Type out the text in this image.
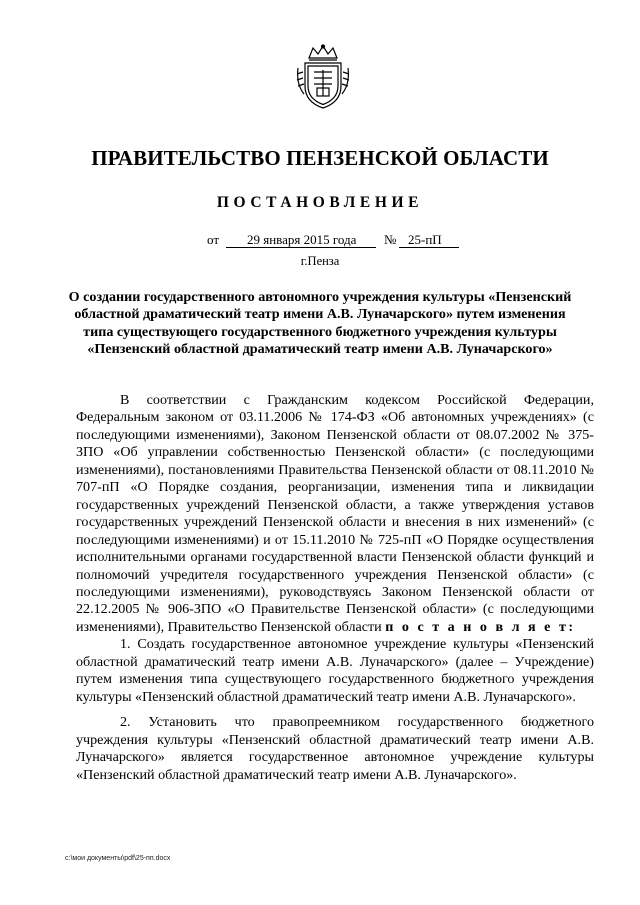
ПРАВИТЕЛЬСТВО ПЕНЗЕНСКОЙ ОБЛАСТИ
ПОСТАНОВЛЕНИЕ
от 29 января 2015 года № 25-пП
г.Пенза
О создании государственного автономного учреждения культуры «Пензенский областной драматический театр имени А.В. Луначарского» путем изменения типа существующего государственного бюджетного учреждения культуры «Пензенский областной драматический театр имени А.В. Луначарского»

В соответствии с Гражданским кодексом Российской Федерации, Федеральным законом от 03.11.2006 № 174-ФЗ «Об автономных учреждениях» (с последующими изменениями), Законом Пензенской области от 08.07.2002 № 375-ЗПО «Об управлении собственностью Пензенской области» (с последующими изменениями), постановлениями Правительства Пензенской области от 08.11.2010 № 707-пП «О Порядке создания, реорганизации, изменения типа и ликвидации государственных учреждений Пензенской области, а также утверждения уставов государственных учреждений Пензенской области и внесения в них изменений» (с последующими изменениями) и от 15.11.2010 № 725-пП «О Порядке осуществления исполнительными органами государственной власти Пензенской области функций и полномочий учредителя государственного учреждения Пензенской области» (с последующими изменениями), руководствуясь Законом Пензенской области от 22.12.2005 № 906-ЗПО «О Правительстве Пензенской области» (с последующими изменениями), Правительство Пензенской области п о с т а н о в л я е т:

1. Создать государственное автономное учреждение культуры «Пензенский областной драматический театр имени А.В. Луначарского» (далее – Учреждение) путем изменения типа существующего государственного бюджетного учреждения культуры «Пензенский областной драматический театр имени А.В. Луначарского».

2. Установить что правопреемником государственного бюджетного учреждения культуры «Пензенский областной драматический театр имени А.В. Луначарского» является государственное автономное учреждение культуры «Пензенский областной драматический театр имени А.В. Луначарского».

c:\мои документы\pdf\25-пп.docx
